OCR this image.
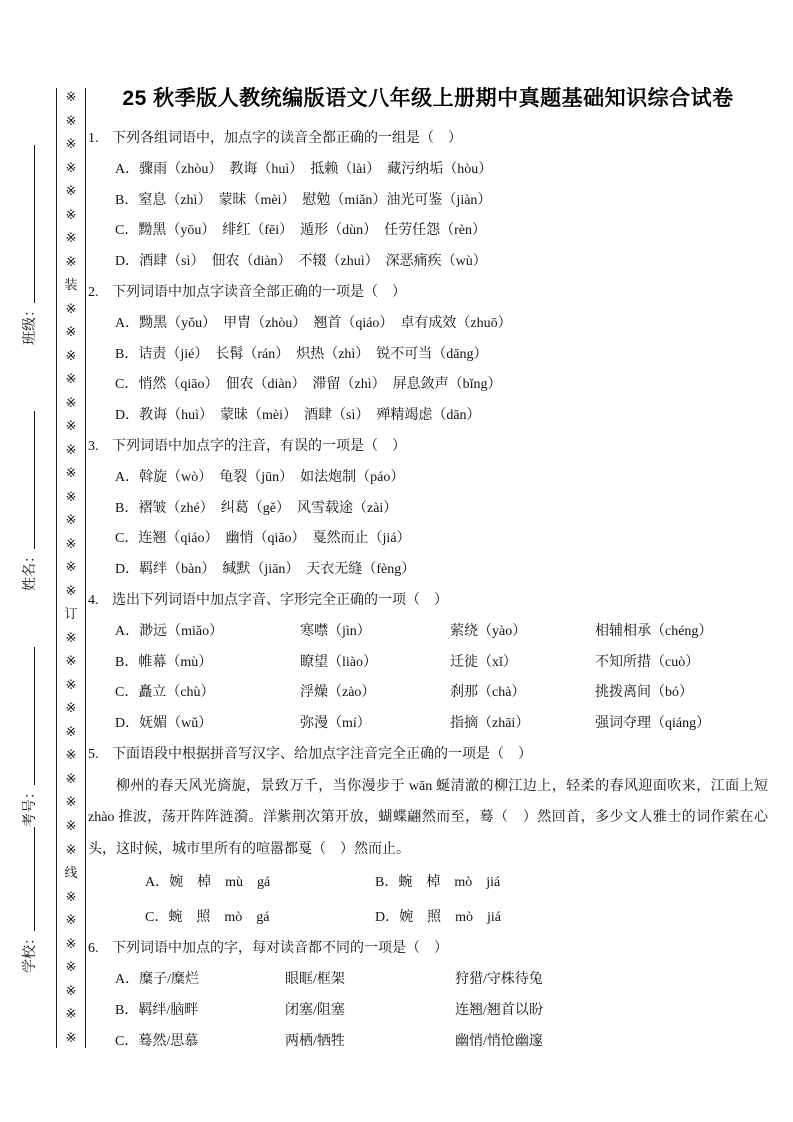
※
※
※
※
※
※
※
※
装
※
※
※
※
※
※
※
※
※
※
※
※
※
订
※
※
※
※
※
※
※
※
※
※
线
※
※
※
※
※
※
※
班级：
姓名：
考号：
学校：
25 秋季版人教统编版语文八年级上册期中真题基础知识综合试卷
1. 下列各组词语中，加点字的读音全都正确的一组是（　）
A．骤雨（zhòu）　教诲（huì）　抵赖（lài）　藏污纳垢（hòu）
B．窒息（zhì）　蒙昧（mèi）　慰勉（miǎn）油光可鉴（jiàn）
C．黝黑（yōu）　绯红（fēi）　遁形（dùn）　任劳任怨（rèn）
D．酒肆（sì）　佃农（diàn）　不辍（zhuì）　深恶痛疾（wù）
2. 下列词语中加点字读音全部正确的一项是（　）
A．黝黑（yǒu）　甲胄（zhòu）　翘首（qiáo）　卓有成效（zhuō）
B．诘责（jié）　长髯（rán）　炽热（zhì）　锐不可当（dāng）
C．悄然（qiāo）　佃农（diàn）　滞留（zhì）　屏息敛声（bǐng）
D．教诲（huì）　蒙昧（mèi）　酒肆（sì）　殚精竭虑（dān）
3. 下列词语中加点字的注音，有误的一项是（　）
A．斡旋（wò）　龟裂（jūn）　如法炮制（páo）
B．褶皱（zhé）　纠葛（gě）　风雪载途（zài）
C．连翘（qiáo）　幽悄（qiǎo）　戛然而止（jiá）
D．羁绊（bàn）　缄默（jiān）　天衣无缝（fèng）
4. 选出下列词语中加点字音、字形完全正确的一项（　）
A．渺远（miǎo）	寒噤（jìn）	萦绕（yào）	相辅相承（chéng）
B．帷幕（mù）	瞭望（liào）	迁徙（xǐ）	不知所措（cuò）
C．矗立（chù）	浮燥（zào）	刹那（chà）	挑拨离间（bó）
D．妩媚（wǔ）	弥漫（mí）	指摘（zhāi）	强词夺理（qiáng）
5. 下面语段中根据拼音写汉字、给加点字注音完全正确的一项是（　）

柳州的春天风光旖旎，景致万千，当你漫步于 wān 蜒清澈的柳江边上，轻柔的春风迎面吹来，江面上短 zhào 推波，荡开阵阵涟漪。洋紫荆次第开放，蝴蝶翩然而至，蓦（　）然回首，多少文人雅士的词作萦在心头，这时候，城市里所有的喧嚣都戛（　）然而止。

A．婉　棹　mù　gá	B．蜿　棹　mò　jiá
C．蜿　照　mò　gá	D．婉　照　mò　jiá
6. 下列词语中加点的字，每对读音都不同的一项是（　）
A．糜子/糜烂	眼眶/框架	狩猎/守株待兔
B．羁绊/脑畔	闭塞/阻塞	连翘/翘首以盼
C．蓦然/思慕	两栖/牺牲	幽悄/悄怆幽邃
